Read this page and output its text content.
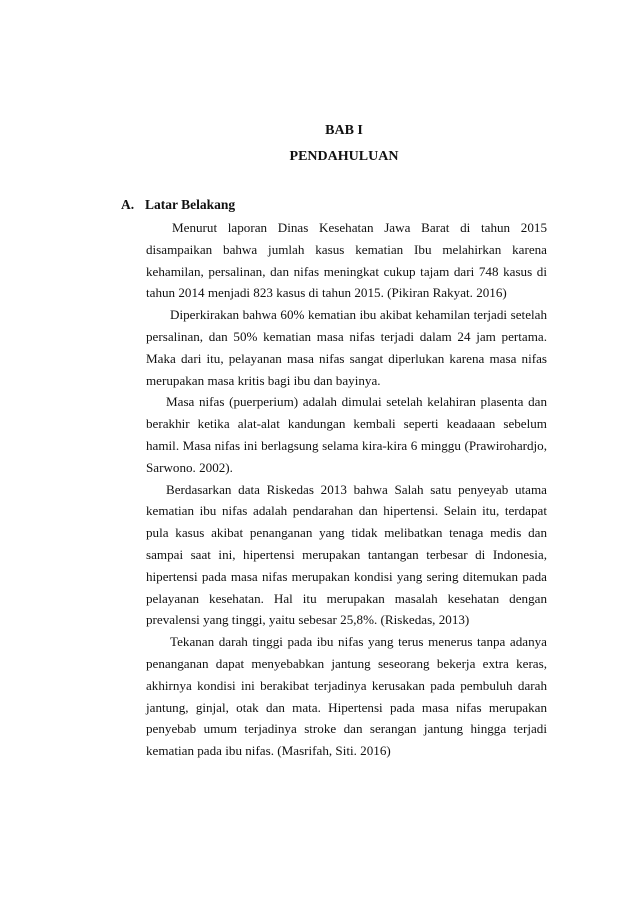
BAB I
PENDAHULUAN
A. Latar Belakang

Menurut laporan Dinas Kesehatan Jawa Barat di tahun 2015 disampaikan bahwa jumlah kasus kematian Ibu melahirkan karena kehamilan, persalinan, dan nifas meningkat cukup tajam dari 748 kasus di tahun 2014 menjadi 823 kasus di tahun 2015. (Pikiran Rakyat. 2016)

Diperkirakan bahwa 60% kematian ibu akibat kehamilan terjadi setelah persalinan, dan 50% kematian masa nifas terjadi dalam 24 jam pertama. Maka dari itu, pelayanan masa nifas sangat diperlukan karena masa nifas merupakan masa kritis bagi ibu dan bayinya.

Masa nifas (puerperium) adalah dimulai setelah kelahiran plasenta dan berakhir ketika alat-alat kandungan kembali seperti keadaaan sebelum hamil. Masa nifas ini berlagsung selama kira-kira 6 minggu (Prawirohardjo, Sarwono. 2002).

Berdasarkan data Riskedas 2013 bahwa Salah satu penyeyab utama kematian ibu nifas adalah pendarahan dan hipertensi. Selain itu, terdapat pula kasus akibat penanganan yang tidak melibatkan tenaga medis dan sampai saat ini, hipertensi merupakan tantangan terbesar di Indonesia, hipertensi pada masa nifas merupakan kondisi yang sering ditemukan pada pelayanan kesehatan. Hal itu merupakan masalah kesehatan dengan prevalensi yang tinggi, yaitu sebesar 25,8%. (Riskedas, 2013)

Tekanan darah tinggi pada ibu nifas yang terus menerus tanpa adanya penanganan dapat menyebabkan jantung seseorang bekerja extra keras, akhirnya kondisi ini berakibat terjadinya kerusakan pada pembuluh darah jantung, ginjal, otak dan mata. Hipertensi pada masa nifas merupakan penyebab umum terjadinya stroke dan serangan jantung hingga terjadi kematian pada ibu nifas. (Masrifah, Siti. 2016)
